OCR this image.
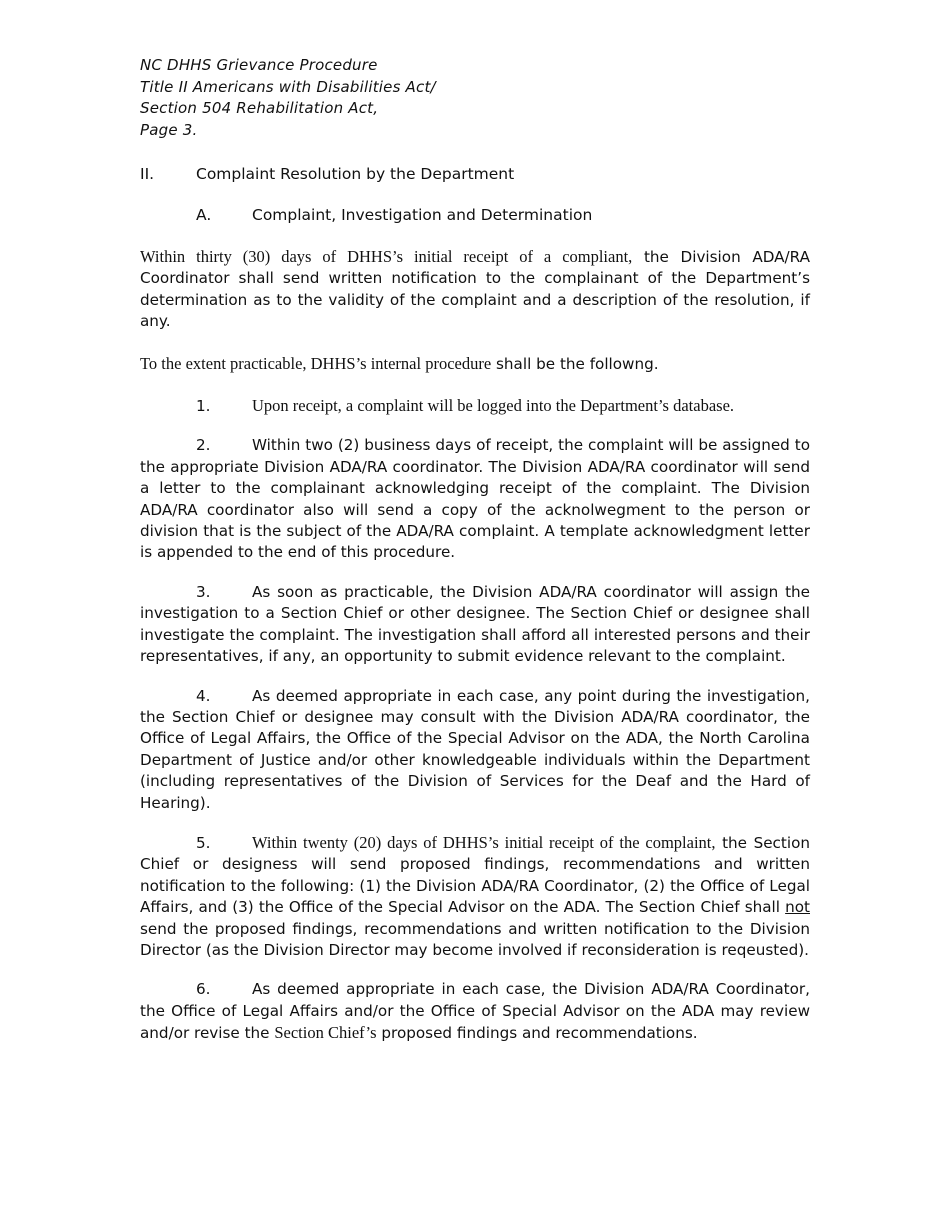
NC DHHS Grievance Procedure
Title II Americans with Disabilities Act/
Section 504 Rehabilitation Act,
Page 3.
II.	Complaint Resolution by the Department
A.	Complaint, Investigation and Determination

Within thirty (30) days of DHHS’s initial receipt of a compliant, the Division ADA/RA Coordinator shall send written notification to the complainant of the Department’s determination as to the validity of the complaint and a description of the resolution, if any.

To the extent practicable, DHHS’s internal procedure shall be the followng.

1.	Upon receipt, a complaint will be logged into the Department’s database.

2.	Within two (2) business days of receipt, the complaint will be assigned to the appropriate Division ADA/RA coordinator. The Division ADA/RA coordinator will send a letter to the complainant acknowledging receipt of the complaint. The Division ADA/RA coordinator also will send a copy of the acknolwegment to the person or division that is the subject of the ADA/RA complaint. A template acknowledgment letter is appended to the end of this procedure.

3.	As soon as practicable, the Division ADA/RA coordinator will assign the investigation to a Section Chief or other designee. The Section Chief or designee shall investigate the complaint. The investigation shall afford all interested persons and their representatives, if any, an opportunity to submit evidence relevant to the complaint.

4.	As deemed appropriate in each case, any point during the investigation, the Section Chief or designee may consult with the Division ADA/RA coordinator, the Office of Legal Affairs, the Office of the Special Advisor on the ADA, the North Carolina Department of Justice and/or other knowledgeable individuals within the Department (including representatives of the Division of Services for the Deaf and the Hard of Hearing).

5.	Within twenty (20) days of DHHS’s initial receipt of the complaint, the Section Chief or designess will send proposed findings, recommendations and written notification to the following: (1) the Division ADA/RA Coordinator, (2) the Office of Legal Affairs, and (3) the Office of the Special Advisor on the ADA. The Section Chief shall not send the proposed findings, recommendations and written notification to the Division Director (as the Division Director may become involved if reconsideration is reqeusted).

6.	As deemed appropriate in each case, the Division ADA/RA Coordinator, the Office of Legal Affairs and/or the Office of Special Advisor on the ADA may review and/or revise the Section Chief’s proposed findings and recommendations.
